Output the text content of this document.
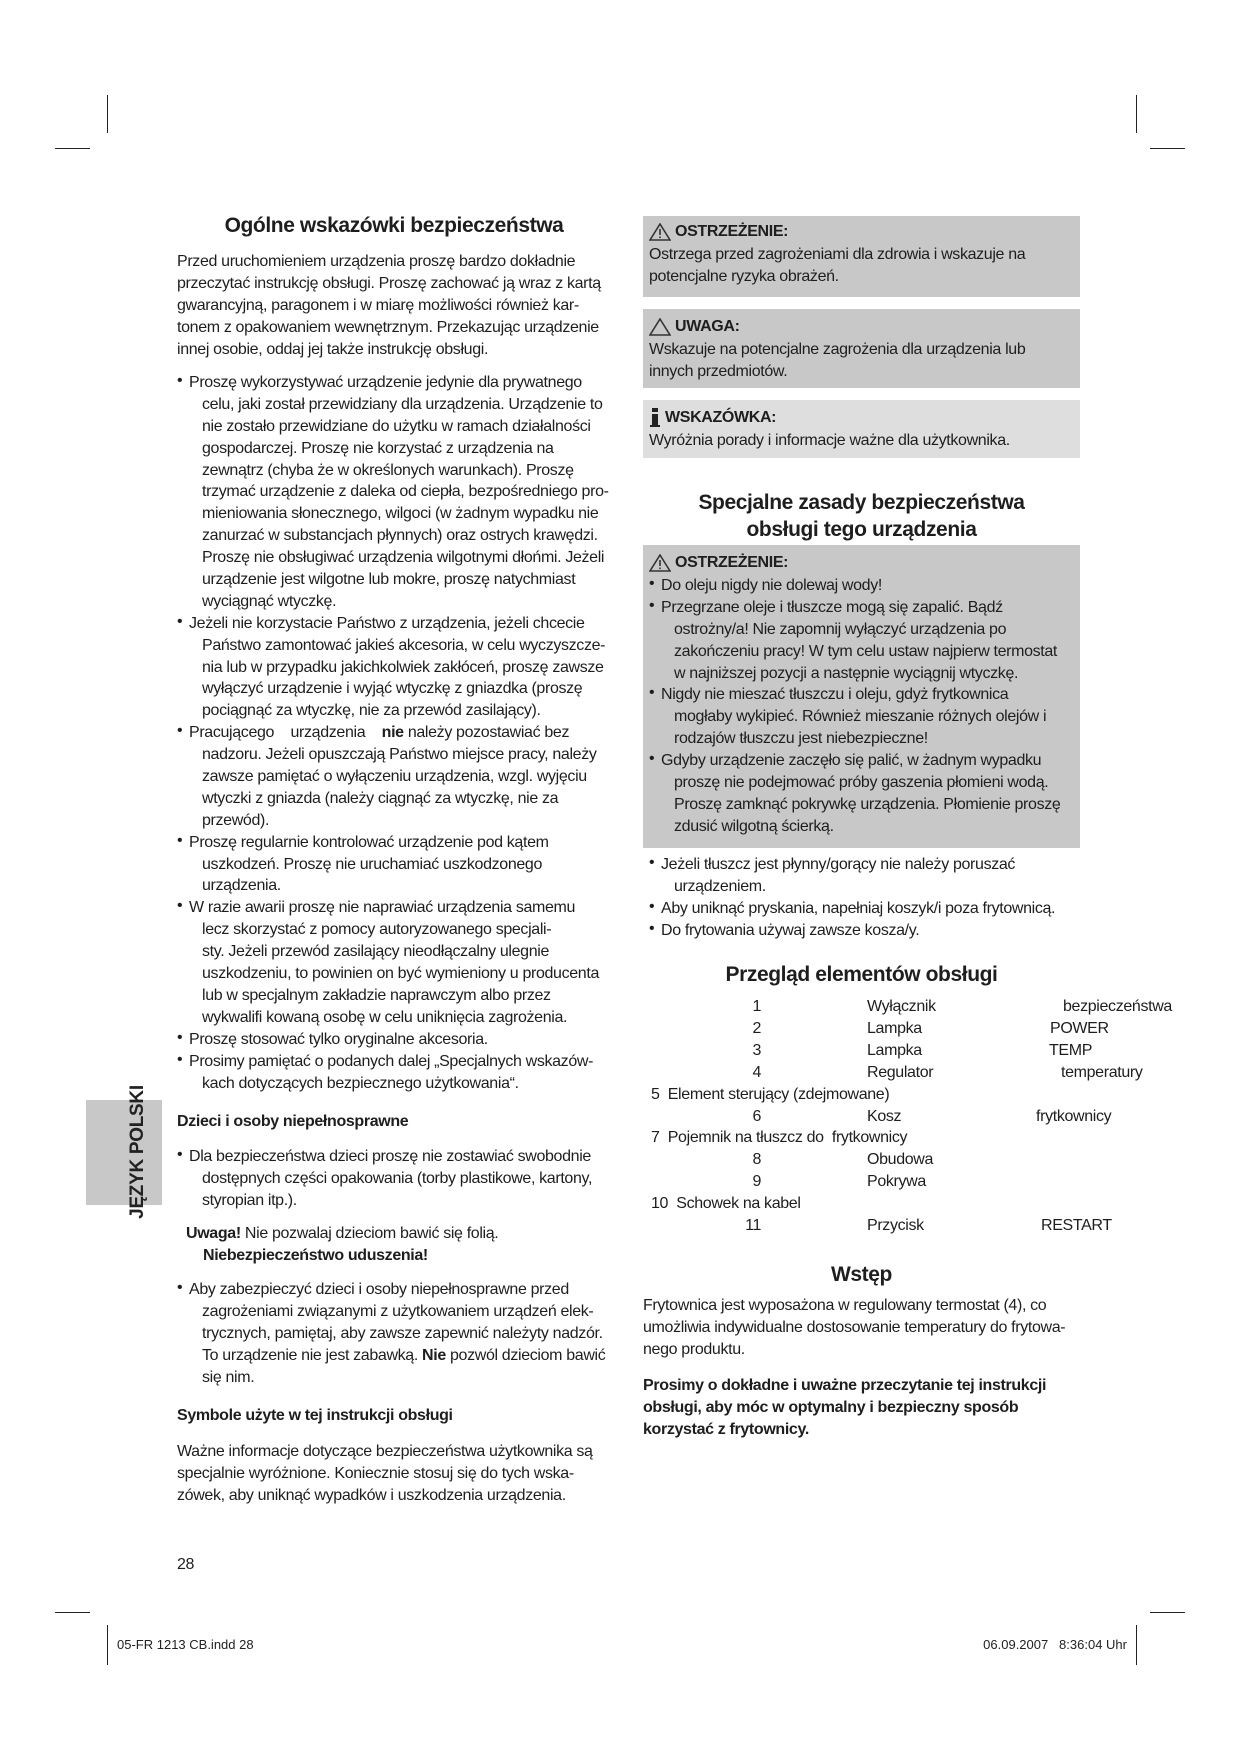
Ogólne wskazówki bezpieczeństwa
Przed uruchomieniem urządzenia proszę bardzo dokładnie
przeczytać instrukcję obsługi. Proszę zachować ją wraz z kartą
gwarancyjną, paragonem i w miarę możliwości również kar-
tonem z opakowaniem wewnętrznym. Przekazując urządzenie
innej osobie, oddaj jej także instrukcję obsługi.
• Proszę wykorzystywać urządzenie jedynie dla prywatnego
celu, jaki został przewidziany dla urządzenia. Urządzenie to
nie zostało przewidziane do użytku w ramach działalności
gospodarczej. Proszę nie korzystać z urządzenia na
zewnątrz (chyba że w określonych warunkach). Proszę
trzymać urządzenie z daleka od ciepła, bezpośredniego pro-
mieniowania słonecznego, wilgoci (w żadnym wypadku nie
zanurzać w substancjach płynnych) oraz ostrych krawędzi.
Proszę nie obsługiwać urządzenia wilgotnymi dłońmi. Jeżeli
urządzenie jest wilgotne lub mokre, proszę natychmiast
wyciągnąć wtyczkę.
• Jeżeli nie korzystacie Państwo z urządzenia, jeżeli chcecie
Państwo zamontować jakieś akcesoria, w celu wyczyszcze-
nia lub w przypadku jakichkolwiek zakłóceń, proszę zawsze
wyłączyć urządzenie i wyjąć wtyczkę z gniazdka (proszę
pociągnąć za wtyczkę, nie za przewód zasilający).
• Pracującego    urządzenia    nie należy pozostawiać bez
nadzoru. Jeżeli opuszczają Państwo miejsce pracy, należy
zawsze pamiętać o wyłączeniu urządzenia, wzgl. wyjęciu
wtyczki z gniazda (należy ciągnąć za wtyczkę, nie za
przewód).
• Proszę regularnie kontrolować urządzenie pod kątem
uszkodzeń. Proszę nie uruchamiać uszkodzonego
urządzenia.
• W razie awarii proszę nie naprawiać urządzenia samemu
lecz skorzystać z pomocy autoryzowanego specjali-
sty. Jeżeli przewód zasilający nieodłączalny ulegnie
uszkodzeniu, to powinien on być wymieniony u producenta
lub w specjalnym zakładzie naprawczym albo przez
wykwalifi kowaną osobę w celu uniknięcia zagrożenia.
• Proszę stosować tylko oryginalne akcesoria.
• Prosimy pamiętać o podanych dalej „Specjalnych wskazów-
kach dotyczących bezpiecznego użytkowania“.
Dzieci i osoby niepełnosprawne
• Dla bezpieczeństwa dzieci proszę nie zostawiać swobodnie
dostępnych części opakowania (torby plastikowe, kartony,
styropian itp.).
Uwaga! Nie pozwalaj dzieciom bawić się folią.
Niebezpieczeństwo uduszenia!
• Aby zabezpieczyć dzieci i osoby niepełnosprawne przed
zagrożeniami związanymi z użytkowaniem urządzeń elek-
trycznych, pamiętaj, aby zawsze zapewnić należyty nadzór.
To urządzenie nie jest zabawką. Nie pozwól dzieciom bawić
się nim.
Symbole użyte w tej instrukcji obsługi
Ważne informacje dotyczące bezpieczeństwa użytkownika są
specjalnie wyróżnione. Koniecznie stosuj się do tych wska-
zówek, aby uniknąć wypadków i uszkodzenia urządzenia.
JĘZYK POLSKI
28
OSTRZEŻENIE:
Ostrzega przed zagrożeniami dla zdrowia i wskazuje na
potencjalne ryzyka obrażeń.
UWAGA:
Wskazuje na potencjalne zagrożenia dla urządzenia lub
innych przedmiotów.
WSKAZÓWKA:
Wyróżnia porady i informacje ważne dla użytkownika.
Specjalne zasady bezpieczeństwa
obsługi tego urządzenia
OSTRZEŻENIE:
• Do oleju nigdy nie dolewaj wody!
• Przegrzane oleje i tłuszcze mogą się zapalić. Bądź
ostrożny/a! Nie zapomnij wyłączyć urządzenia po
zakończeniu pracy! W tym celu ustaw najpierw termostat
w najniższej pozycji a następnie wyciągnij wtyczkę.
• Nigdy nie mieszać tłuszczu i oleju, gdyż frytkownica
mogłaby wykipieć. Również mieszanie różnych olejów i
rodzajów tłuszczu jest niebezpieczne!
• Gdyby urządzenie zaczęło się palić, w żadnym wypadku
proszę nie podejmować próby gaszenia płomieni wodą.
Proszę zamknąć pokrywkę urządzenia. Płomienie proszę
zdusić wilgotną ścierką.
• Jeżeli tłuszcz jest płynny/gorący nie należy poruszać
urządzeniem.
• Aby uniknąć pryskania, napełniaj koszyk/i poza frytownicą.
• Do frytowania używaj zawsze kosza/y.
Przegląd elementów obsługi
1	Wyłącznik	bezpieczeństwa
2	Lampka	POWER
3	Lampka	TEMP
4	Regulator	temperatury
5  Element sterujący (zdejmowane)
6	Kosz	frytkownicy
7  Pojemnik na tłuszcz do  frytkownicy
8	Obudowa
9	Pokrywa
10  Schowek na kabel
11	Przycisk	RESTART
Wstęp
Frytownica jest wyposażona w regulowany termostat (4), co
umożliwia indywidualne dostosowanie temperatury do frytowa-
nego produktu.
Prosimy o dokładne i uważne przeczytanie tej instrukcji
obsługi, aby móc w optymalny i bezpieczny sposób
korzystać z frytownicy.
05-FR 1213 CB.indd 28	06.09.2007   8:36:04 Uhr
